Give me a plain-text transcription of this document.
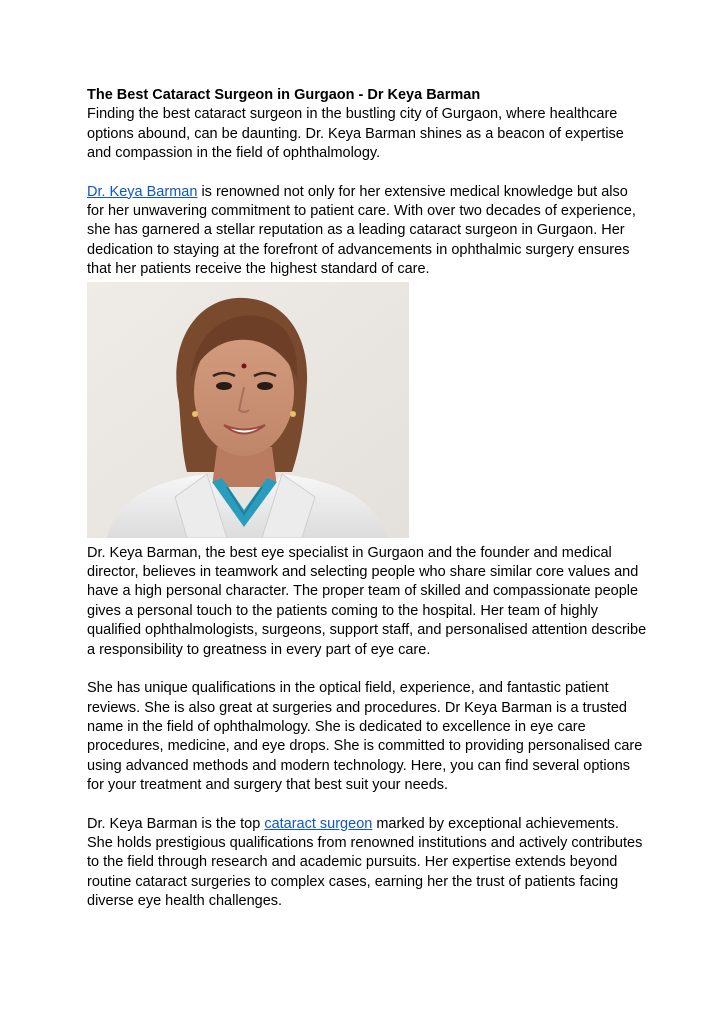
The Best Cataract Surgeon in Gurgaon - Dr Keya Barman

Finding the best cataract surgeon in the bustling city of Gurgaon, where healthcare options abound, can be daunting. Dr. Keya Barman shines as a beacon of expertise and compassion in the field of ophthalmology.

Dr. Keya Barman is renowned not only for her extensive medical knowledge but also for her unwavering commitment to patient care. With over two decades of experience, she has garnered a stellar reputation as a leading cataract surgeon in Gurgaon. Her dedication to staying at the forefront of advancements in ophthalmic surgery ensures that her patients receive the highest standard of care.

Dr. Keya Barman, the best eye specialist in Gurgaon and the founder and medical director, believes in teamwork and selecting people who share similar core values and have a high personal character. The proper team of skilled and compassionate people gives a personal touch to the patients coming to the hospital. Her team of highly qualified ophthalmologists, surgeons, support staff, and personalised attention describe a responsibility to greatness in every part of eye care.

She has unique qualifications in the optical field, experience, and fantastic patient reviews. She is also great at surgeries and procedures. Dr Keya Barman is a trusted name in the field of ophthalmology. She is dedicated to excellence in eye care procedures, medicine, and eye drops. She is committed to providing personalised care using advanced methods and modern technology. Here, you can find several options for your treatment and surgery that best suit your needs.

Dr. Keya Barman is the top cataract surgeon marked by exceptional achievements. She holds prestigious qualifications from renowned institutions and actively contributes to the field through research and academic pursuits. Her expertise extends beyond routine cataract surgeries to complex cases, earning her the trust of patients facing diverse eye health challenges.
